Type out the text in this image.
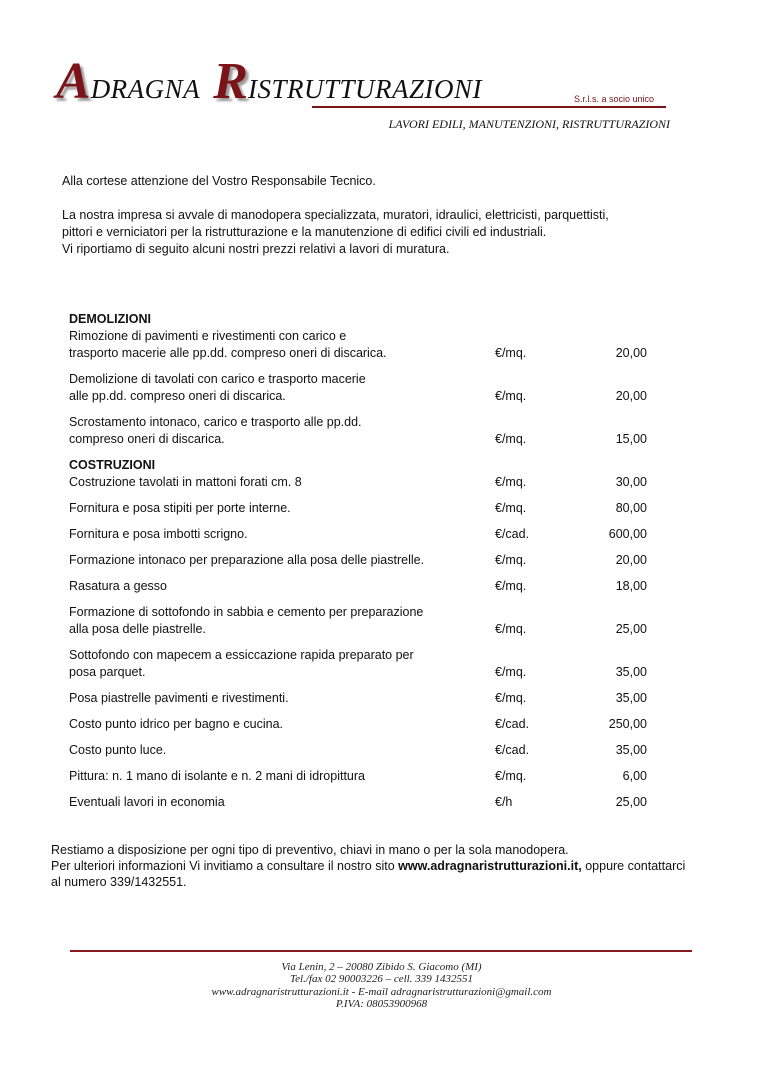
ADRAGNA RISTRUTTURAZIONI	S.r.l.s. a socio unico
LAVORI EDILI, MANUTENZIONI, RISTRUTTURAZIONI
Alla cortese attenzione del Vostro Responsabile Tecnico.
La nostra impresa si avvale di manodopera specializzata, muratori, idraulici, elettricisti, parquettisti,
pittori e verniciatori per la ristrutturazione e la manutenzione di edifici civili ed industriali.
Vi riportiamo di seguito alcuni nostri prezzi relativi a lavori di muratura.
DEMOLIZIONI
Rimozione di pavimenti e rivestimenti con carico e
trasporto macerie alle pp.dd. compreso oneri di discarica.	€/mq.	20,00
Demolizione di tavolati con carico e trasporto macerie
alle pp.dd. compreso oneri di discarica.	€/mq.	20,00
Scrostamento intonaco, carico e trasporto alle pp.dd.
compreso oneri di discarica.	€/mq.	15,00
COSTRUZIONI
Costruzione tavolati in mattoni forati cm. 8	€/mq.	30,00
Fornitura e posa stipiti per porte interne.	€/mq.	80,00
Fornitura e posa imbotti scrigno.	€/cad.	600,00
Formazione intonaco per preparazione alla posa delle piastrelle.	€/mq.	20,00
Rasatura a gesso	€/mq.	18,00
Formazione di sottofondo in sabbia e cemento per preparazione
alla posa delle piastrelle.	€/mq.	25,00
Sottofondo con mapecem a essiccazione rapida preparato per
posa parquet.	€/mq.	35,00
Posa piastrelle pavimenti e rivestimenti.	€/mq.	35,00
Costo punto idrico per bagno e cucina.	€/cad.	250,00
Costo punto luce.	€/cad.	35,00
Pittura: n. 1 mano di isolante e n. 2 mani di idropittura	€/mq.	6,00
Eventuali lavori in economia	€/h	25,00
Restiamo a disposizione per ogni tipo di preventivo, chiavi in mano o per la sola manodopera.
Per ulteriori informazioni Vi invitiamo a consultare il nostro sito www.adragnaristrutturazioni.it, oppure contattarci
al numero 339/1432551.
Via Lenin, 2 – 20080 Zibido S. Giacomo (MI)
Tel./fax 02 90003226 – cell. 339 1432551
www.adragnaristrutturazioni.it - E-mail adragnaristrutturazioni@gmail.com
P.IVA: 08053900968
